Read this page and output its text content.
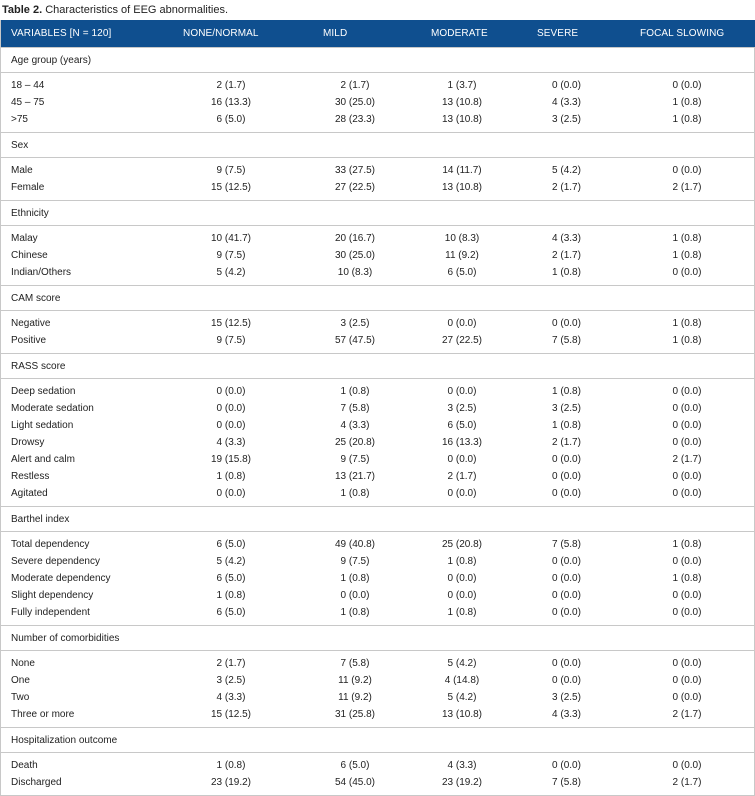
Table 2. Characteristics of EEG abnormalities.
VARIABLES [N = 120]	NONE/NORMAL	MILD	MODERATE	SEVERE	FOCAL SLOWING
Age group (years)					

18 – 44	2 (1.7)	2 (1.7)	1 (3.7)	0 (0.0)	0 (0.0)
45 – 75	16 (13.3)	30 (25.0)	13 (10.8)	4 (3.3)	1 (0.8)
>75	6 (5.0)	28 (23.3)	13 (10.8)	3 (2.5)	1 (0.8)

Sex					

Male	9 (7.5)	33 (27.5)	14 (11.7)	5 (4.2)	0 (0.0)
Female	15 (12.5)	27 (22.5)	13 (10.8)	2 (1.7)	2 (1.7)

Ethnicity					

Malay	10 (41.7)	20 (16.7)	10 (8.3)	4 (3.3)	1 (0.8)
Chinese	9 (7.5)	30 (25.0)	11 (9.2)	2 (1.7)	1 (0.8)
Indian/Others	5 (4.2)	10 (8.3)	6 (5.0)	1 (0.8)	0 (0.0)

CAM score					

Negative	15 (12.5)	3 (2.5)	0 (0.0)	0 (0.0)	1 (0.8)
Positive	9 (7.5)	57 (47.5)	27 (22.5)	7 (5.8)	1 (0.8)

RASS score					

Deep sedation	0 (0.0)	1 (0.8)	0 (0.0)	1 (0.8)	0 (0.0)
Moderate sedation	0 (0.0)	7 (5.8)	3 (2.5)	3 (2.5)	0 (0.0)
Light sedation	0 (0.0)	4 (3.3)	6 (5.0)	1 (0.8)	0 (0.0)
Drowsy	4 (3.3)	25 (20.8)	16 (13.3)	2 (1.7)	0 (0.0)
Alert and calm	19 (15.8)	9 (7.5)	0 (0.0)	0 (0.0)	2 (1.7)
Restless	1 (0.8)	13 (21.7)	2 (1.7)	0 (0.0)	0 (0.0)
Agitated	0 (0.0)	1 (0.8)	0 (0.0)	0 (0.0)	0 (0.0)

Barthel index					

Total dependency	6 (5.0)	49 (40.8)	25 (20.8)	7 (5.8)	1 (0.8)
Severe dependency	5 (4.2)	9 (7.5)	1 (0.8)	0 (0.0)	0 (0.0)
Moderate dependency	6 (5.0)	1 (0.8)	0 (0.0)	0 (0.0)	1 (0.8)
Slight dependency	1 (0.8)	0 (0.0)	0 (0.0)	0 (0.0)	0 (0.0)
Fully independent	6 (5.0)	1 (0.8)	1 (0.8)	0 (0.0)	0 (0.0)

Number of comorbidities					

None	2 (1.7)	7 (5.8)	5 (4.2)	0 (0.0)	0 (0.0)
One	3 (2.5)	11 (9.2)	4 (14.8)	0 (0.0)	0 (0.0)
Two	4 (3.3)	11 (9.2)	5 (4.2)	3 (2.5)	0 (0.0)
Three or more	15 (12.5)	31 (25.8)	13 (10.8)	4 (3.3)	2 (1.7)

Hospitalization outcome					

Death	1 (0.8)	6 (5.0)	4 (3.3)	0 (0.0)	0 (0.0)
Discharged	23 (19.2)	54 (45.0)	23 (19.2)	7 (5.8)	2 (1.7)
